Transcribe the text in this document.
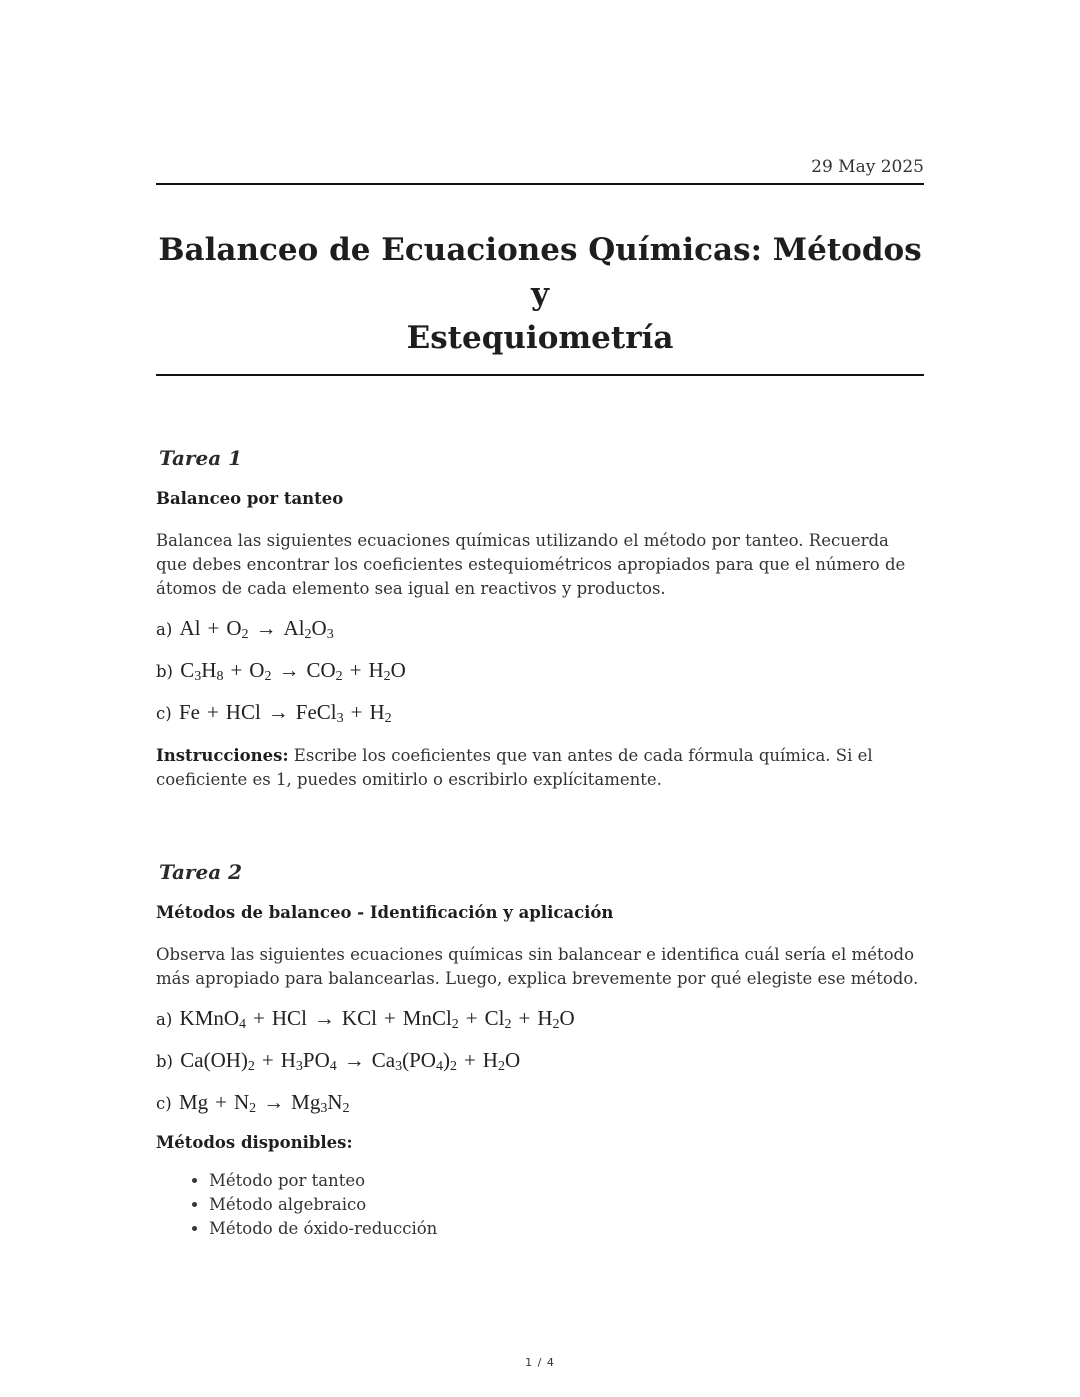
29 May 2025
Balanceo de Ecuaciones Químicas: Métodos y
Estequiometría
Tarea 1
Balanceo por tanteo
Balancea las siguientes ecuaciones químicas utilizando el método por tanteo. Recuerda que debes encontrar los coeficientes estequiométricos apropiados para que el número de átomos de cada elemento sea igual en reactivos y productos.
a) $Al + O_2 \to Al_2O_3$
b) $C_3H_8 + O_2 \to CO_2 + H_2O$
c) Fe + HCl → FeCl$_3$ + $H_2$
Instrucciones: Escribe los coeficientes que van antes de cada fórmula química. Si el coeficiente es 1, puedes omitirlo o escribirlo explícitamente.
Tarea 2
Métodos de balanceo - Identificación y aplicación
Observa las siguientes ecuaciones químicas sin balancear e identifica cuál sería el método más apropiado para balancearlas. Luego, explica brevemente por qué elegiste ese método.
a) KMnO$_4$ + HCl → KCl + MnCl$_2$ + $Cl_2 + H_2O$
b) $Ca(OH)_2 + H_3PO_4 \to Ca_3(PO_4)_2 + H_2O$
c) $Mg + N_2 \to Mg_3N_2$
Métodos disponibles:
• Método por tanteo
• Método algebraico
• Método de óxido-reducción
1 / 4
